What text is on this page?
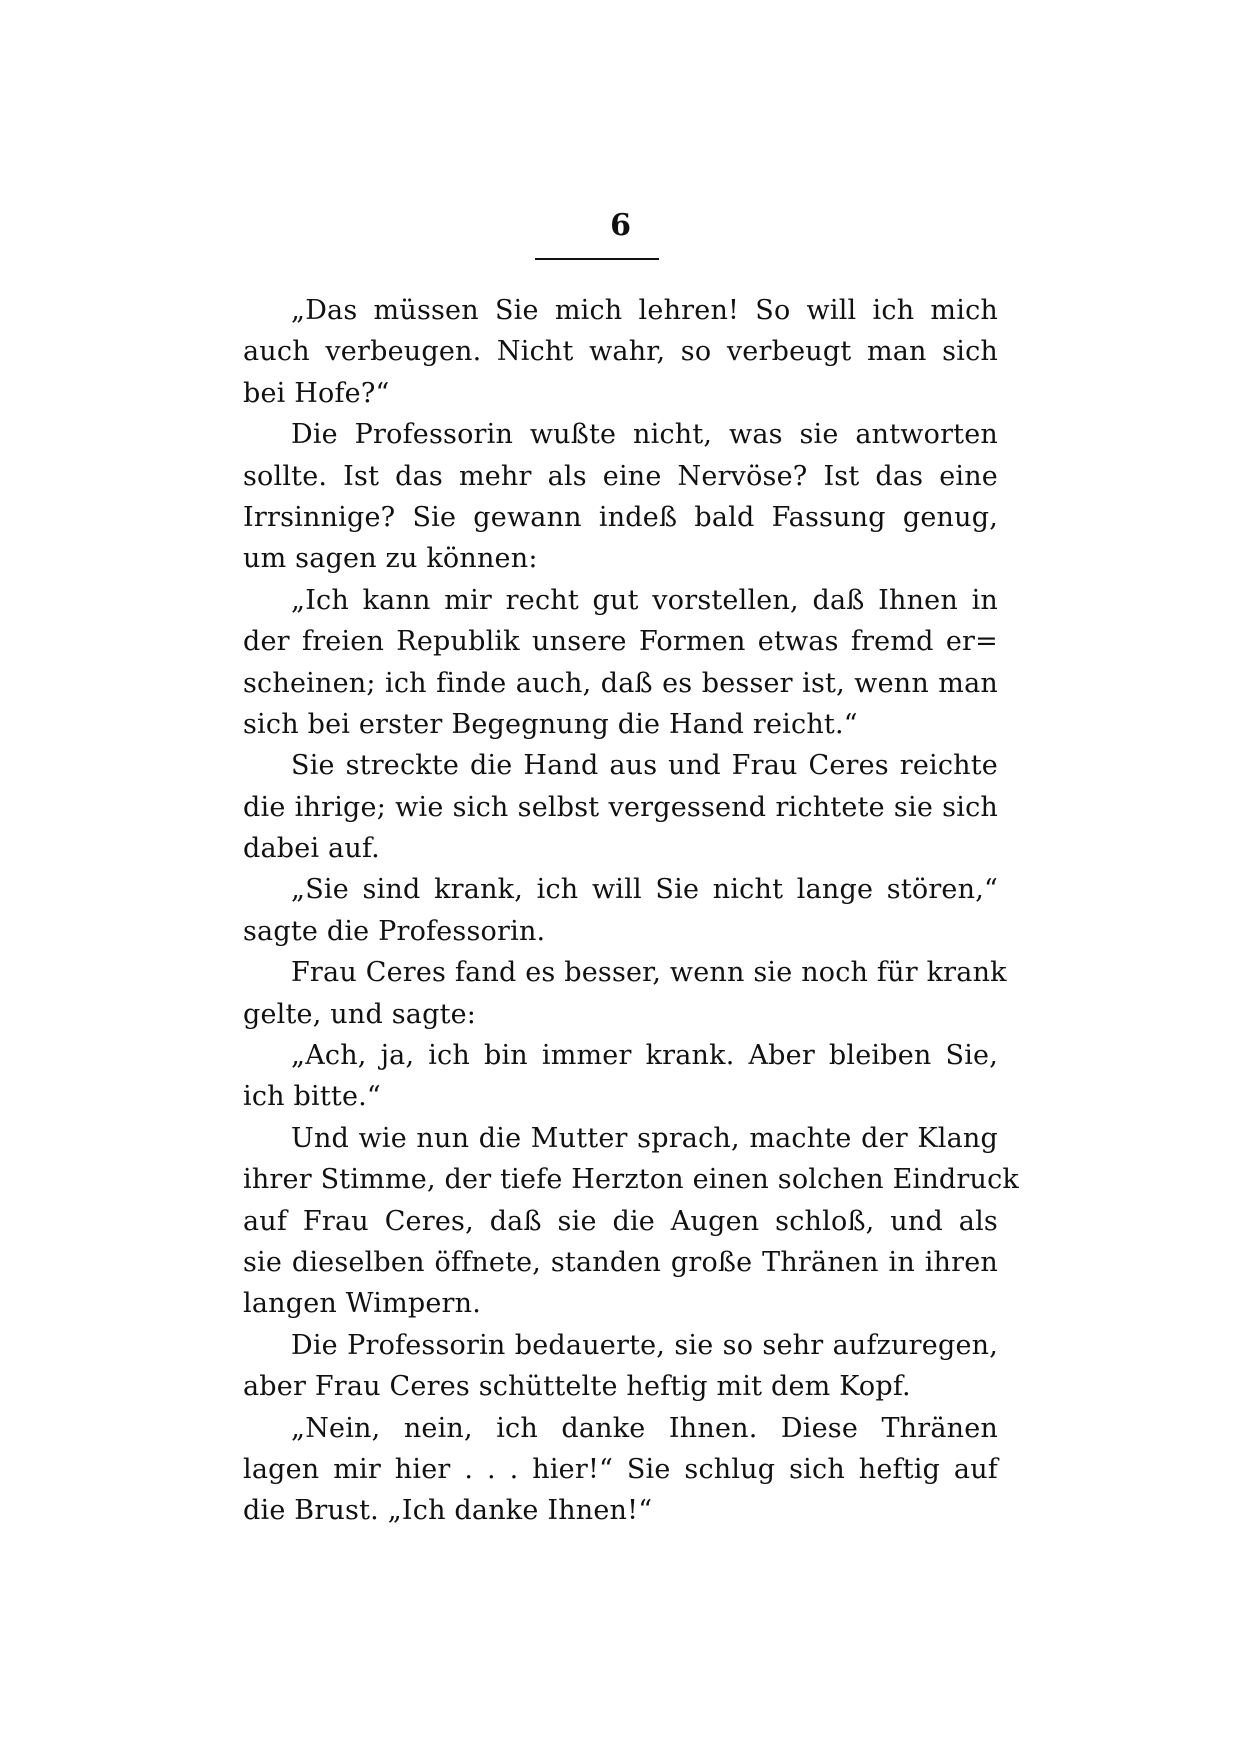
6
„Das müssen Sie mich lehren! So will ich mich
auch verbeugen. Nicht wahr, so verbeugt man sich
bei Hofe?“
Die Professorin wußte nicht, was sie antworten
sollte. Ist das mehr als eine Nervöse? Ist das eine
Irrsinnige? Sie gewann indeß bald Fassung genug,
um sagen zu können:
„Ich kann mir recht gut vorstellen, daß Ihnen in
der freien Republik unsere Formen etwas fremd er=
scheinen; ich finde auch, daß es besser ist, wenn man
sich bei erster Begegnung die Hand reicht.“
Sie streckte die Hand aus und Frau Ceres reichte
die ihrige; wie sich selbst vergessend richtete sie sich
dabei auf.
„Sie sind krank, ich will Sie nicht lange stören,“
sagte die Professorin.
Frau Ceres fand es besser, wenn sie noch für krank
gelte, und sagte:
„Ach, ja, ich bin immer krank. Aber bleiben Sie,
ich bitte.“
Und wie nun die Mutter sprach, machte der Klang
ihrer Stimme, der tiefe Herzton einen solchen Eindruck
auf Frau Ceres, daß sie die Augen schloß, und als
sie dieselben öffnete, standen große Thränen in ihren
langen Wimpern.
Die Professorin bedauerte, sie so sehr aufzuregen,
aber Frau Ceres schüttelte heftig mit dem Kopf.
„Nein, nein, ich danke Ihnen. Diese Thränen
lagen mir hier . . . hier!“ Sie schlug sich heftig auf
die Brust. „Ich danke Ihnen!“
